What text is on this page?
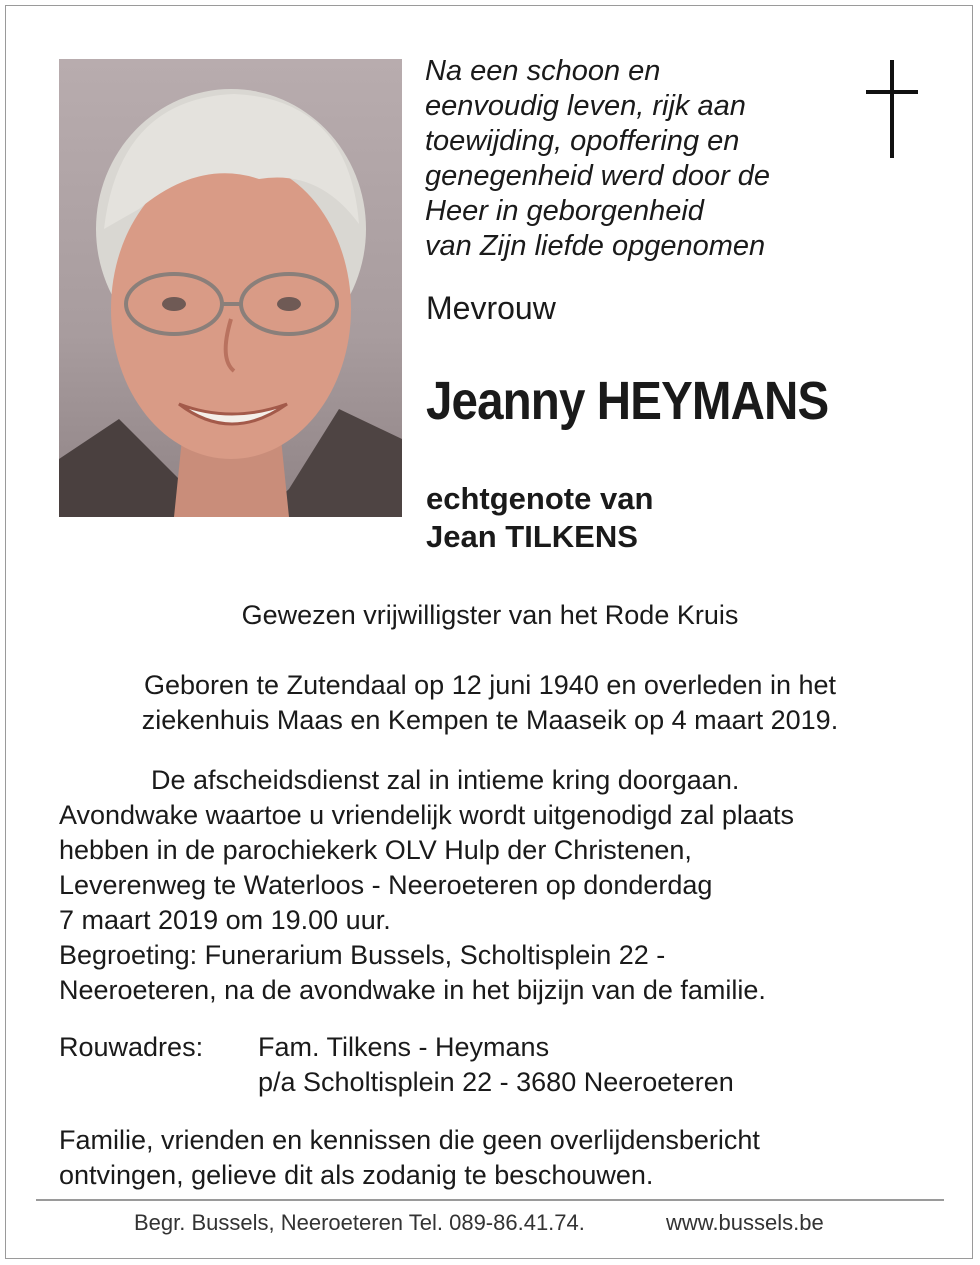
Na een schoon en
eenvoudig leven, rijk aan
toewijding, opoffering en
genegenheid werd door de
Heer in geborgenheid
van Zijn liefde opgenomen

Mevrouw

Jeanny HEYMANS

echtgenote van
Jean TILKENS

Gewezen vrijwilligster van het Rode Kruis

Geboren te Zutendaal op 12 juni 1940 en overleden in het
ziekenhuis Maas en Kempen te Maaseik op 4 maart 2019.

De afscheidsdienst zal in intieme kring doorgaan.
Avondwake waartoe u vriendelijk wordt uitgenodigd zal plaats
hebben in de parochiekerk OLV Hulp der Christenen,
Leverenweg te Waterloos - Neeroeteren op donderdag
7 maart 2019 om 19.00 uur.
Begroeting: Funerarium Bussels, Scholtisplein 22 -
Neeroeteren, na de avondwake in het bijzijn van de familie.

Rouwadres: Fam. Tilkens - Heymans
p/a Scholtisplein 22 - 3680 Neeroeteren

Familie, vrienden en kennissen die geen overlijdensbericht
ontvingen, gelieve dit als zodanig te beschouwen.

Begr. Bussels, Neeroeteren Tel. 089-86.41.74.	www.bussels.be
